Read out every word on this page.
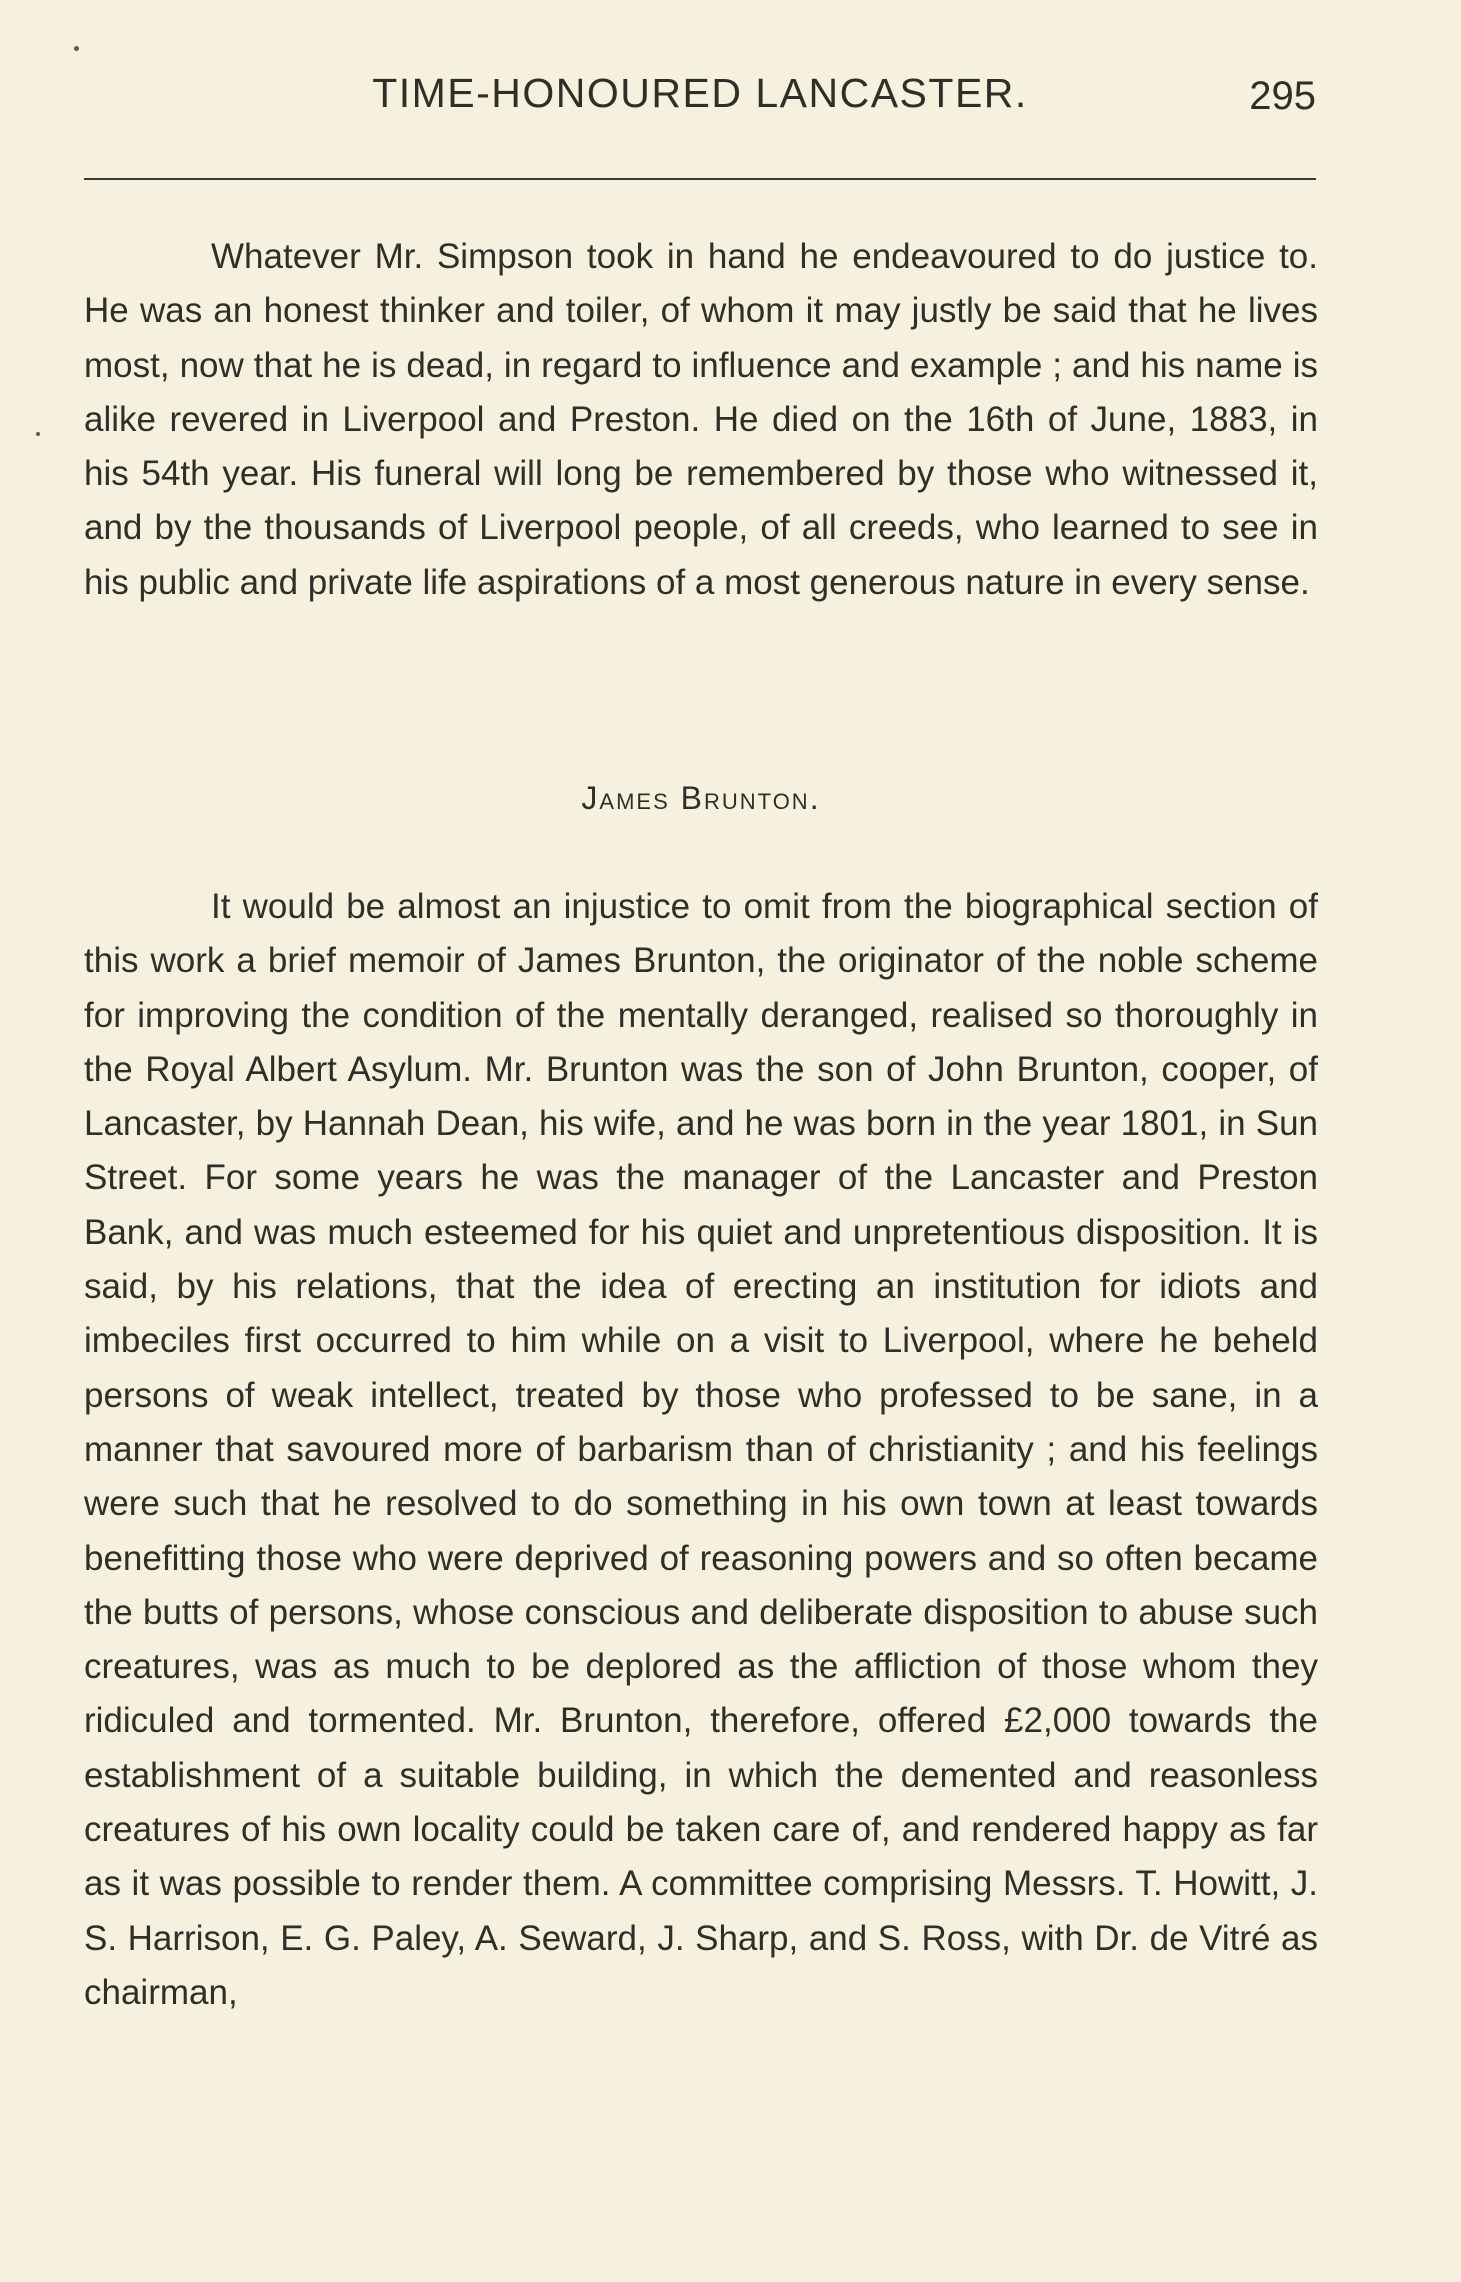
TIME-HONOURED LANCASTER.	295

Whatever Mr. Simpson took in hand he endeavoured to do justice to. He was an honest thinker and toiler, of whom it may justly be said that he lives most, now that he is dead, in regard to influence and example ; and his name is alike revered in Liverpool and Preston. He died on the 16th of June, 1883, in his 54th year. His funeral will long be remembered by those who witnessed it, and by the thousands of Liverpool people, of all creeds, who learned to see in his public and private life aspirations of a most generous nature in every sense.

James Brunton.

It would be almost an injustice to omit from the biographical section of this work a brief memoir of James Brunton, the originator of the noble scheme for improving the condition of the mentally deranged, realised so thoroughly in the Royal Albert Asylum. Mr. Brunton was the son of John Brunton, cooper, of Lancaster, by Hannah Dean, his wife, and he was born in the year 1801, in Sun Street. For some years he was the manager of the Lancaster and Preston Bank, and was much esteemed for his quiet and unpretentious disposition. It is said, by his relations, that the idea of erecting an institution for idiots and imbeciles first occurred to him while on a visit to Liverpool, where he beheld persons of weak intellect, treated by those who professed to be sane, in a manner that savoured more of barbarism than of christianity ; and his feelings were such that he resolved to do something in his own town at least towards benefitting those who were deprived of reasoning powers and so often became the butts of persons, whose conscious and deliberate disposition to abuse such creatures, was as much to be deplored as the affliction of those whom they ridiculed and tormented. Mr. Brunton, therefore, offered £2,000 towards the establishment of a suitable building, in which the demented and reasonless creatures of his own locality could be taken care of, and rendered happy as far as it was possible to render them. A committee comprising Messrs. T. Howitt, J. S. Harrison, E. G. Paley, A. Seward, J. Sharp, and S. Ross, with Dr. de Vitré as chairman,
